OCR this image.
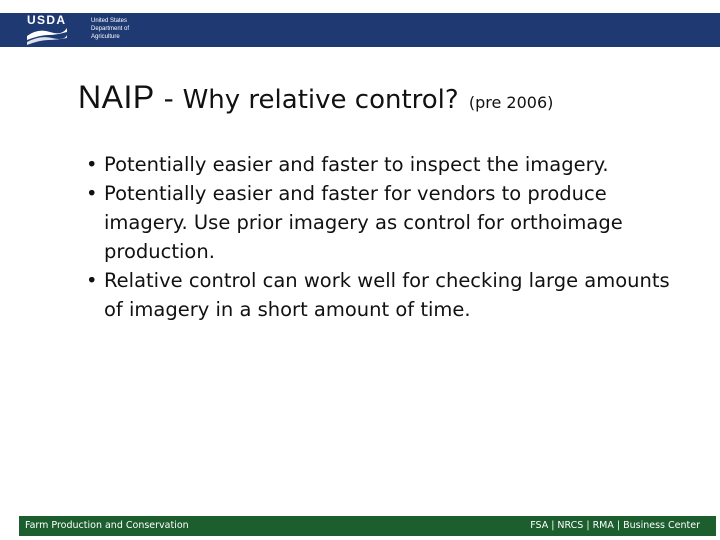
USDA	United States
Department of
Agriculture
NAIP - Why relative control? (pre 2006)
• Potentially easier and faster to inspect the imagery.
• Potentially easier and faster for vendors to produce imagery. Use prior imagery as control for orthoimage production.
• Relative control can work well for checking large amounts of imagery in a short amount of time.
Farm Production and Conservation	FSA | NRCS | RMA | Business Center
